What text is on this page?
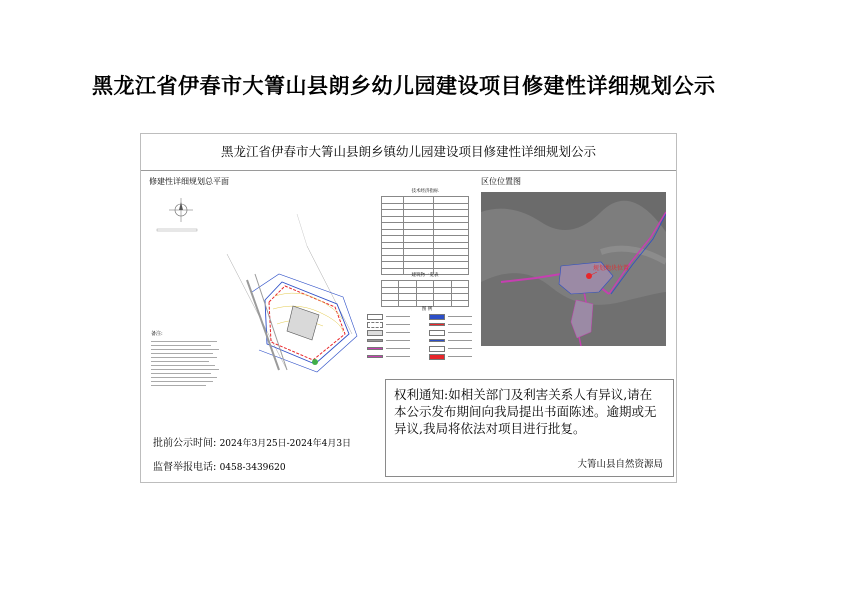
黑龙江省伊春市大箐山县朗乡幼儿园建设项目修建性详细规划公示
黑龙江省伊春市大箐山县朗乡镇幼儿园建设项目修建性详细规划公示
修建性详细规划总平面	区位位置图
备注:
技术经济指标

建筑物一览表

图 例
规划地块位置
权利通知:如相关部门及利害关系人有异议,请在本公示发布期间向我局提出书面陈述。逾期或无异议,我局将依法对项目进行批复。
大箐山县自然资源局
批前公示时间: 2024年3月25日-2024年4月3日
监督举报电话: 0458-3439620
